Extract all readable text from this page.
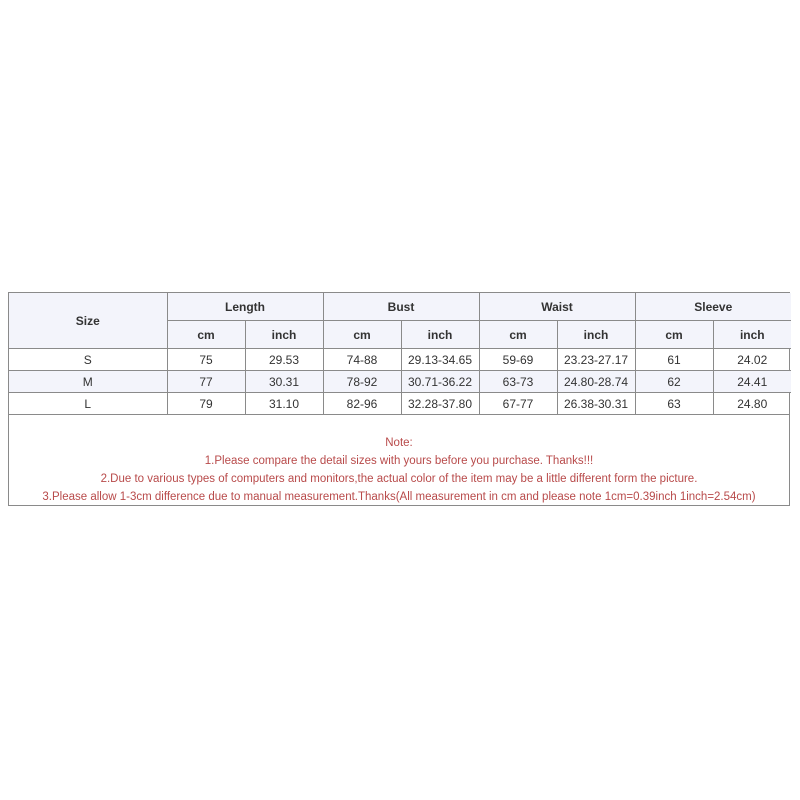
Size	Length		Bust		Waist		Sleeve	
	cm	inch	cm	inch	cm	inch	cm	inch
S	75	29.53	74-88	29.13-34.65	59-69	23.23-27.17	61	24.02
M	77	30.31	78-92	30.71-36.22	63-73	24.80-28.74	62	24.41
L	79	31.10	82-96	32.28-37.80	67-77	26.38-30.31	63	24.80
Note:
1.Please compare the detail sizes with yours before you purchase. Thanks!!!
2.Due to various types of computers and monitors,the actual color of the item may be a little different form the picture.
3.Please allow 1-3cm difference due to manual measurement.Thanks(All measurement in cm and please note 1cm=0.39inch 1inch=2.54cm)
